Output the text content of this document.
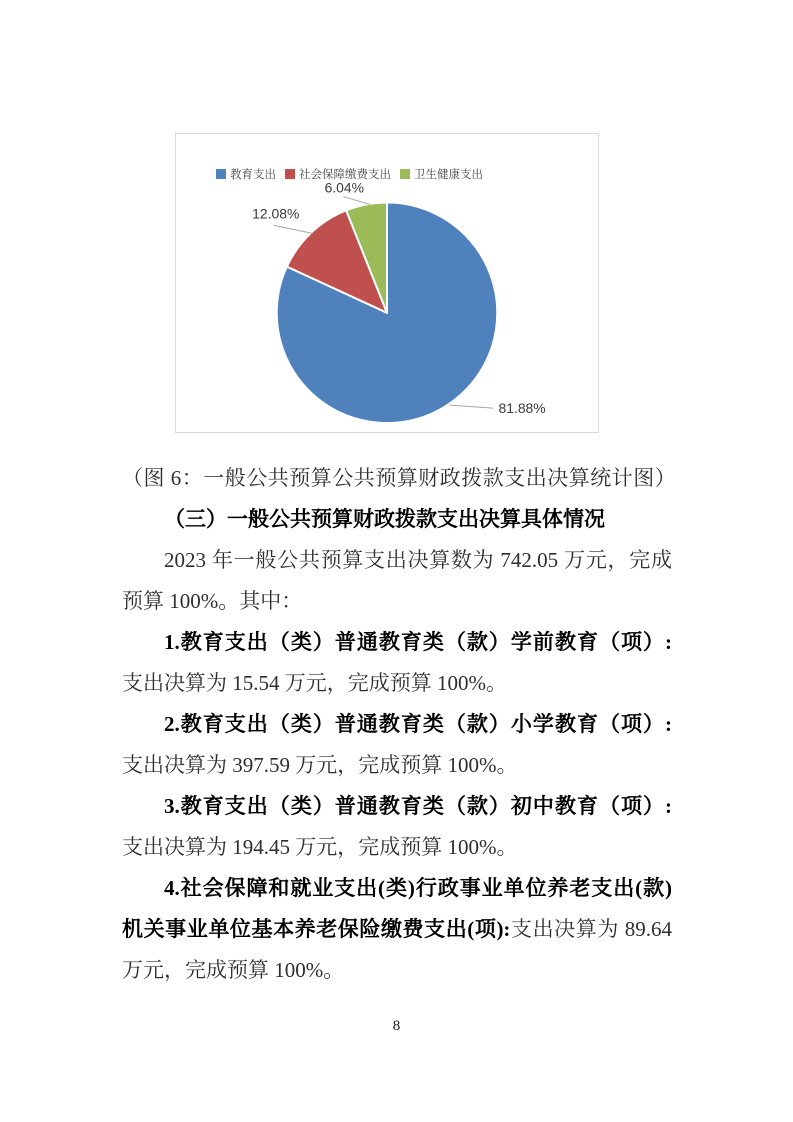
81.88%
12.08%
6.04%
教育支出 社会保障缴费支出 卫生健康支出
（图 6：一般公共预算公共预算财政拨款支出决算统计图）
（三）一般公共预算财政拨款支出决算具体情况
2023 年一般公共预算支出决算数为 742.05 万元，完成
预算 100%。其中：
1.教育支出（类）普通教育类（款）学前教育（项）:
支出决算为 15.54 万元，完成预算 100%。
2.教育支出（类）普通教育类（款）小学教育（项）:
支出决算为 397.59 万元，完成预算 100%。
3.教育支出（类）普通教育类（款）初中教育（项）:
支出决算为 194.45 万元，完成预算 100%。
4.社会保障和就业支出(类)行政事业单位养老支出(款)
机关事业单位基本养老保险缴费支出(项):支出决算为 89.64
万元，完成预算 100%。
8
